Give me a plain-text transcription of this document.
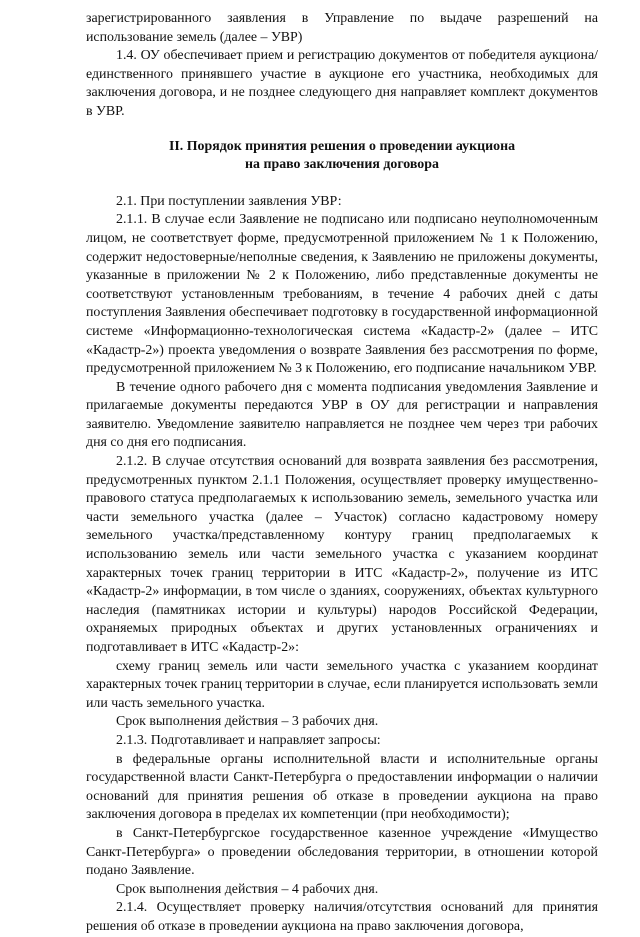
зарегистрированного заявления в Управление по выдаче разрешений на использование земель (далее – УВР)

1.4. ОУ обеспечивает прием и регистрацию документов от победителя аукциона/единственного принявшего участие в аукционе его участника, необходимых для заключения договора, и не позднее следующего дня направляет комплект документов в УВР.

II. Порядок принятия решения о проведении аукциона
на право заключения договора

2.1. При поступлении заявления УВР:

2.1.1. В случае если Заявление не подписано или подписано неуполномоченным лицом, не соответствует форме, предусмотренной приложением № 1 к Положению, содержит недостоверные/неполные сведения, к Заявлению не приложены документы, указанные в приложении № 2 к Положению, либо представленные документы не соответствуют установленным требованиям, в течение 4 рабочих дней с даты поступления Заявления обеспечивает подготовку в государственной информационной системе «Информационно-технологическая система «Кадастр-2» (далее – ИТС «Кадастр-2») проекта уведомления о возврате Заявления без рассмотрения по форме, предусмотренной приложением № 3 к Положению, его подписание начальником УВР.

В течение одного рабочего дня с момента подписания уведомления Заявление и прилагаемые документы передаются УВР в ОУ для регистрации и направления заявителю. Уведомление заявителю направляется не позднее чем через три рабочих дня со дня его подписания.

2.1.2. В случае отсутствия оснований для возврата заявления без рассмотрения, предусмотренных пунктом 2.1.1 Положения, осуществляет проверку имущественно-правового статуса предполагаемых к использованию земель, земельного участка или части земельного участка (далее – Участок) согласно кадастровому номеру земельного участка/представленному контуру границ предполагаемых к использованию земель или части земельного участка с указанием координат характерных точек границ территории в ИТС «Кадастр-2», получение из ИТС «Кадастр-2» информации, в том числе о зданиях, сооружениях, объектах культурного наследия (памятниках истории и культуры) народов Российской Федерации, охраняемых природных объектах и других установленных ограничениях и подготавливает в ИТС «Кадастр-2»:

схему границ земель или части земельного участка с указанием координат характерных точек границ территории в случае, если планируется использовать земли или часть земельного участка.

Срок выполнения действия – 3 рабочих дня.

2.1.3. Подготавливает и направляет запросы:

в федеральные органы исполнительной власти и исполнительные органы государственной власти Санкт-Петербурга о предоставлении информации о наличии оснований для принятия решения об отказе в проведении аукциона на право заключения договора в пределах их компетенции (при необходимости);

в Санкт-Петербургское государственное казенное учреждение «Имущество Санкт-Петербурга» о проведении обследования территории, в отношении которой подано Заявление.

Срок выполнения действия – 4 рабочих дня.

2.1.4. Осуществляет проверку наличия/отсутствия оснований для принятия решения об отказе в проведении аукциона на право заключения договора,
